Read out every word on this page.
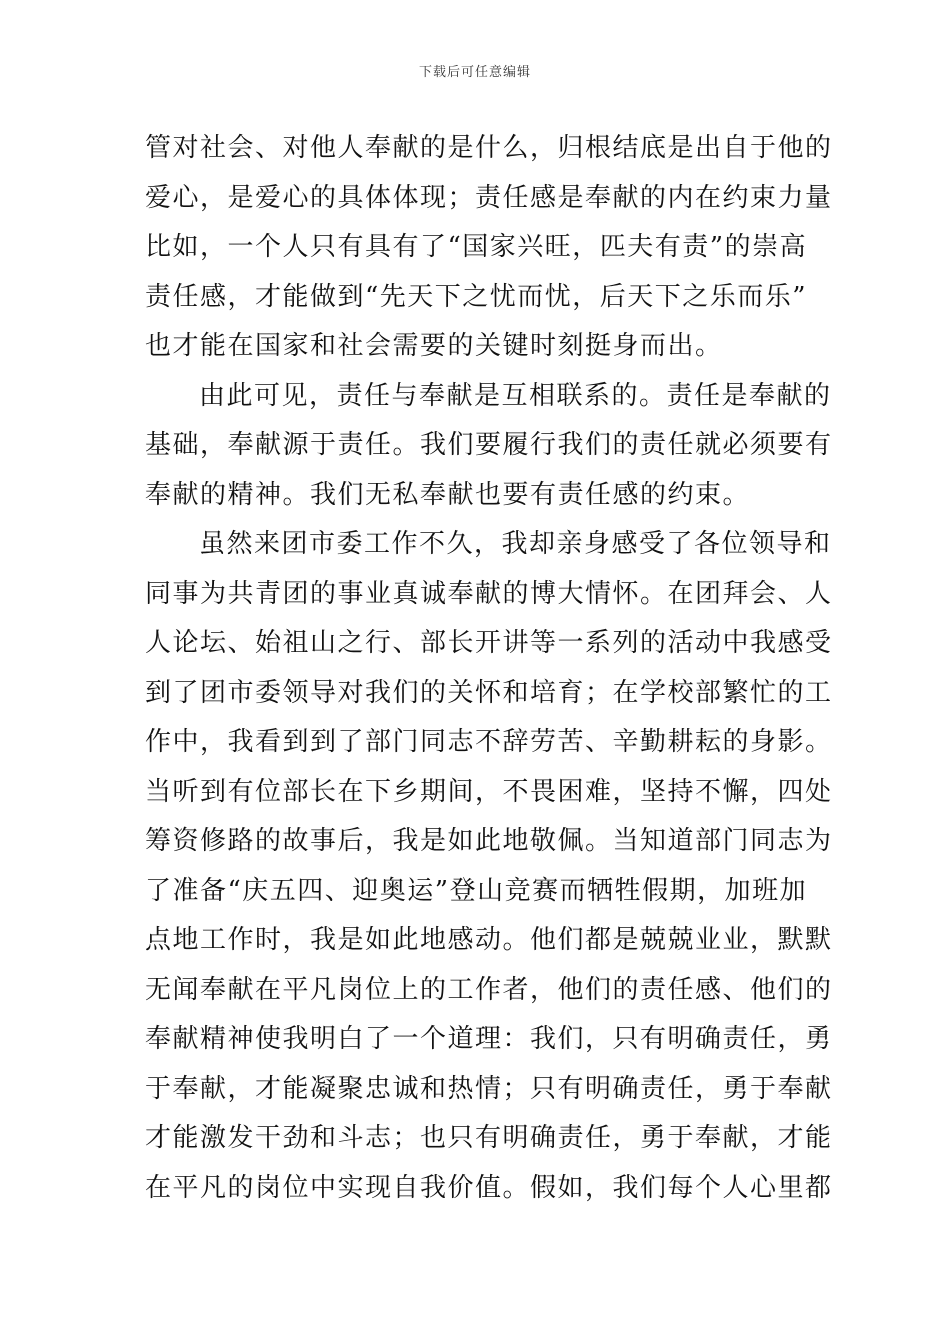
下载后可任意编辑
管对社会、对他人奉献的是什么，归根结底是出自于他的
爱心，是爱心的具体体现；责任感是奉献的内在约束力量
比如，一个人只有具有了“国家兴旺，匹夫有责”的崇高
责任感，才能做到“先天下之忧而忧，后天下之乐而乐”
也才能在国家和社会需要的关键时刻挺身而出。
由此可见，责任与奉献是互相联系的。责任是奉献的
基础，奉献源于责任。我们要履行我们的责任就必须要有
奉献的精神。我们无私奉献也要有责任感的约束。
虽然来团市委工作不久，我却亲身感受了各位领导和
同事为共青团的事业真诚奉献的博大情怀。在团拜会、人
人论坛、始祖山之行、部长开讲等一系列的活动中我感受
到了团市委领导对我们的关怀和培育；在学校部繁忙的工
作中，我看到到了部门同志不辞劳苦、辛勤耕耘的身影。
当听到有位部长在下乡期间，不畏困难，坚持不懈，四处
筹资修路的故事后，我是如此地敬佩。当知道部门同志为
了准备“庆五四、迎奥运”登山竞赛而牺牲假期，加班加
点地工作时，我是如此地感动。他们都是兢兢业业，默默
无闻奉献在平凡岗位上的工作者，他们的责任感、他们的
奉献精神使我明白了一个道理：我们，只有明确责任，勇
于奉献，才能凝聚忠诚和热情；只有明确责任，勇于奉献
才能激发干劲和斗志；也只有明确责任，勇于奉献，才能
在平凡的岗位中实现自我价值。假如，我们每个人心里都
